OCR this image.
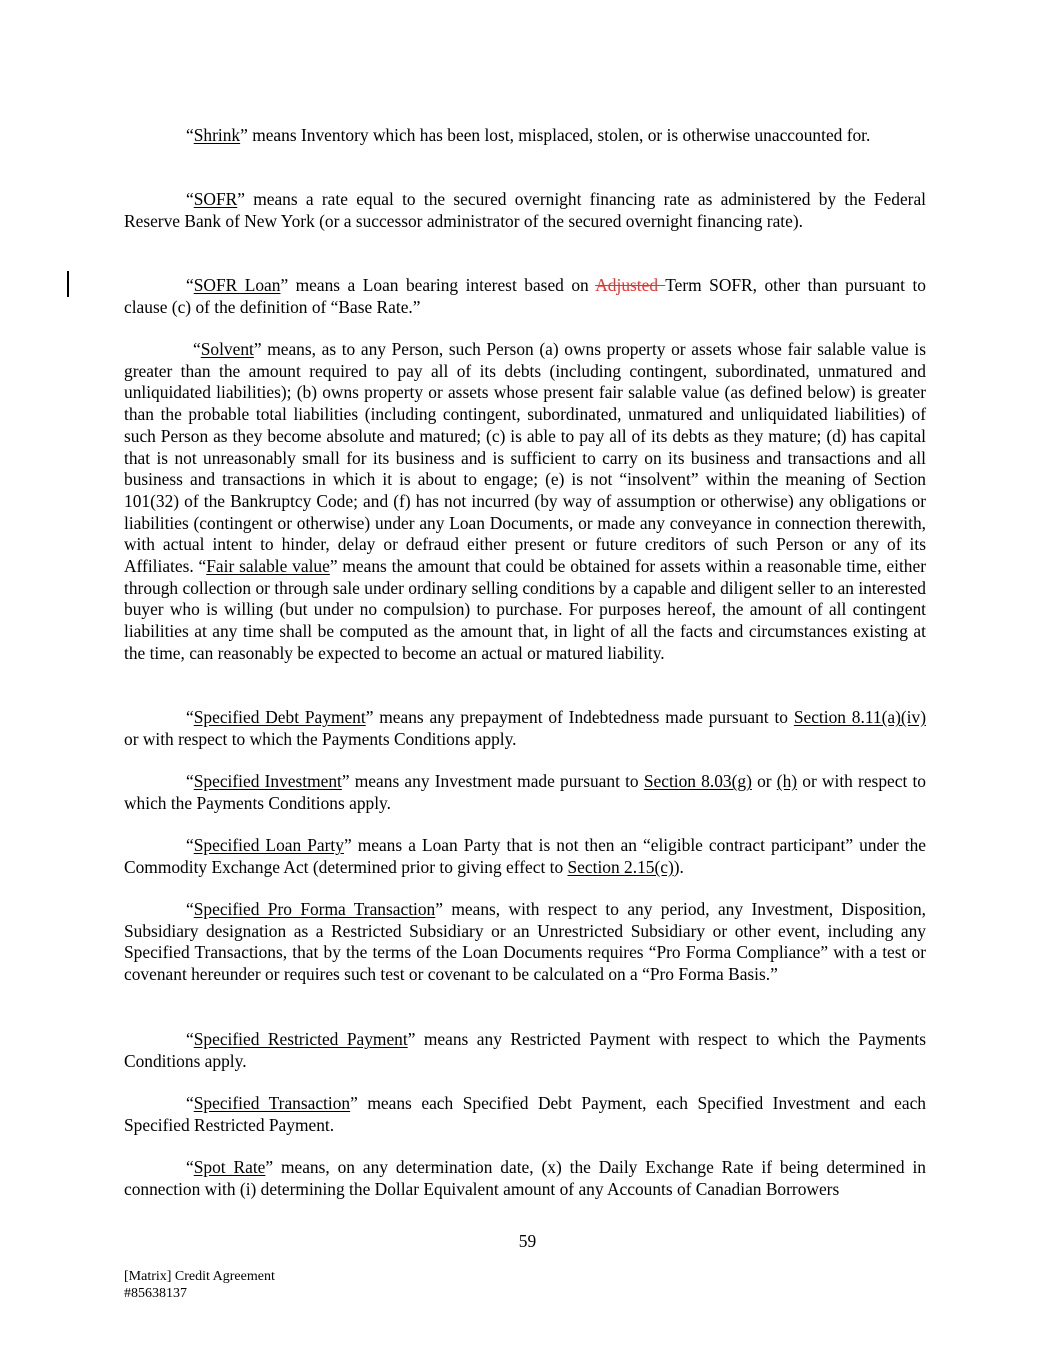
“Shrink” means Inventory which has been lost, misplaced, stolen, or is otherwise unaccounted for.

“SOFR” means a rate equal to the secured overnight financing rate as administered by the Federal Reserve Bank of New York (or a successor administrator of the secured overnight financing rate).

“SOFR Loan” means a Loan bearing interest based on Adjusted Term SOFR, other than pursuant to clause (c) of the definition of “Base Rate.”

“Solvent” means, as to any Person, such Person (a) owns property or assets whose fair salable value is greater than the amount required to pay all of its debts (including contingent, subordinated, unmatured and unliquidated liabilities); (b) owns property or assets whose present fair salable value (as defined below) is greater than the probable total liabilities (including contingent, subordinated, unmatured and unliquidated liabilities) of such Person as they become absolute and matured; (c) is able to pay all of its debts as they mature; (d) has capital that is not unreasonably small for its business and is sufficient to carry on its business and transactions and all business and transactions in which it is about to engage; (e) is not “insolvent” within the meaning of Section 101(32) of the Bankruptcy Code; and (f) has not incurred (by way of assumption or otherwise) any obligations or liabilities (contingent or otherwise) under any Loan Documents, or made any conveyance in connection therewith, with actual intent to hinder, delay or defraud either present or future creditors of such Person or any of its Affiliates. “Fair salable value” means the amount that could be obtained for assets within a reasonable time, either through collection or through sale under ordinary selling conditions by a capable and diligent seller to an interested buyer who is willing (but under no compulsion) to purchase. For purposes hereof, the amount of all contingent liabilities at any time shall be computed as the amount that, in light of all the facts and circumstances existing at the time, can reasonably be expected to become an actual or matured liability.

“Specified Debt Payment” means any prepayment of Indebtedness made pursuant to Section 8.11(a)(iv) or with respect to which the Payments Conditions apply.

“Specified Investment” means any Investment made pursuant to Section 8.03(g) or (h) or with respect to which the Payments Conditions apply.

“Specified Loan Party” means a Loan Party that is not then an “eligible contract participant” under the Commodity Exchange Act (determined prior to giving effect to Section 2.15(c)).

“Specified Pro Forma Transaction” means, with respect to any period, any Investment, Disposition, Subsidiary designation as a Restricted Subsidiary or an Unrestricted Subsidiary or other event, including any Specified Transactions, that by the terms of the Loan Documents requires “Pro Forma Compliance” with a test or covenant hereunder or requires such test or covenant to be calculated on a “Pro Forma Basis.”

“Specified Restricted Payment” means any Restricted Payment with respect to which the Payments Conditions apply.

“Specified Transaction” means each Specified Debt Payment, each Specified Investment and each Specified Restricted Payment.

“Spot Rate” means, on any determination date, (x) the Daily Exchange Rate if being determined in connection with (i) determining the Dollar Equivalent amount of any Accounts of Canadian Borrowers

59
[Matrix] Credit Agreement
#85638137
